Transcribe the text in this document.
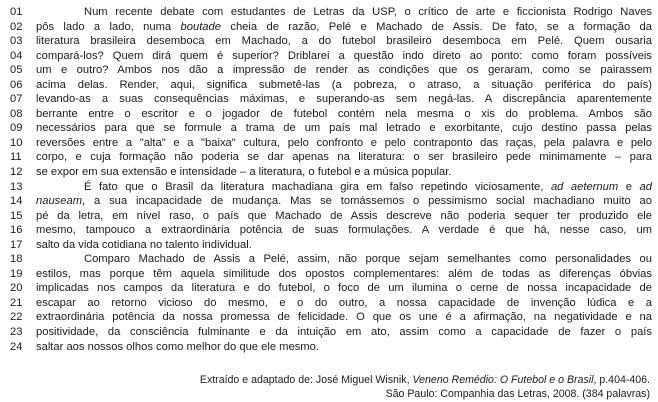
01	Num recente debate com estudantes de Letras da USP, o crítico de arte e ficcionista Rodrigo Naves
02	pôs lado a lado, numa boutade cheia de razão, Pelé e Machado de Assis. De fato, se a formação da
03	literatura brasileira desemboca em Machado, a do futebol brasileiro desemboca em Pelé. Quem ousaria
04	compará-los? Quem dirá quem é superior? Driblarei a questão indo direto ao ponto: como foram possíveis
05	um e outro? Ambos nos dão a impressão de render as condições que os geraram, como se pairassem
06	acima delas. Render, aqui, significa submetê-las (a pobreza, o atraso, a situação periférica do país)
07	levando-as a suas consequências máximas, e superando-as sem negá-las. A discrepância aparentemente
08	berrante entre o escritor e o jogador de futebol contém nela mesma o xis do problema. Ambos são
09	necessários para que se formule a trama de um país mal letrado e exorbitante, cujo destino passa pelas
10	reversões entre a "alta" e a "baixa" cultura, pelo confronto e pelo contraponto das raças, pela palavra e pelo
11	corpo, e cuja formação não poderia se dar apenas na literatura: o ser brasileiro pede minimamente – para
12	se expor em sua extensão e intensidade – a literatura, o futebol e a música popular.
13	É fato que o Brasil da literatura machadiana gira em falso repetindo viciosamente, ad aeternum e ad
14	nauseam, a sua incapacidade de mudança. Mas se tomássemos o pessimismo social machadiano muito ao
15	pé da letra, em nível raso, o país que Machado de Assis descreve não poderia sequer ter produzido ele
16	mesmo, tampouco a extraordinária potência de suas formulações. A verdade é que há, nesse caso, um
17	salto da vida cotidiana no talento individual.
18	Comparo Machado de Assis a Pelé, assim, não porque sejam semelhantes como personalidades ou
19	estilos, mas porque têm aquela similitude dos opostos complementares: além de todas as diferenças óbvias
20	implicadas nos campos da literatura e do futebol, o foco de um ilumina o cerne de nossa incapacidade de
21	escapar ao retorno vicioso do mesmo, e o do outro, a nossa capacidade de invenção lúdica e a
22	extraordinária potência da nossa promessa de felicidade. O que os une é a afirmação, na negatividade e na
23	positividade, da consciência fulminante e da intuição em ato, assim como a capacidade de fazer o país
24	saltar aos nossos olhos como melhor do que ele mesmo.
Extraído e adaptado de: José Miguel Wisnik, Veneno Remédio: O Futebol e o Brasil, p.404-406.
São Paulo: Companhia das Letras, 2008. (384 palavras)
